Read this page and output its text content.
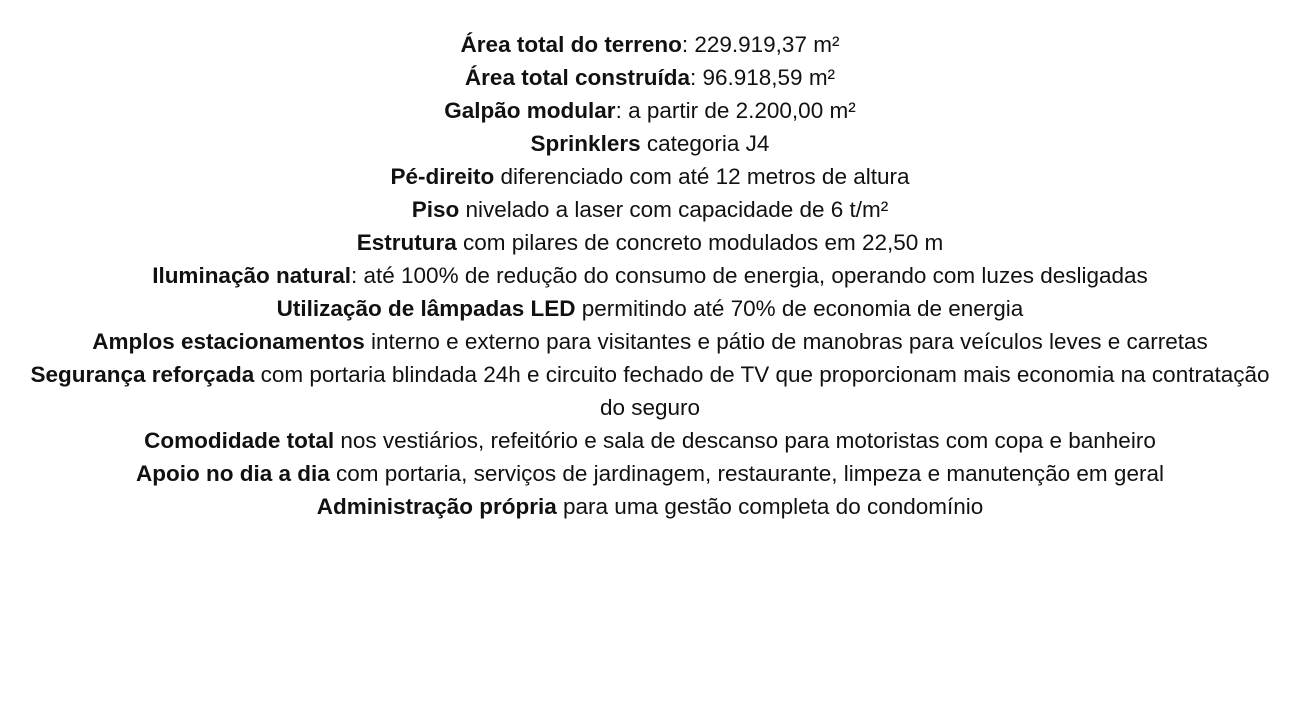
Área total do terreno: 229.919,37 m²
Área total construída: 96.918,59 m²
Galpão modular: a partir de 2.200,00 m²
Sprinklers categoria J4
Pé-direito diferenciado com até 12 metros de altura
Piso nivelado a laser com capacidade de 6 t/m²
Estrutura com pilares de concreto modulados em 22,50 m
Iluminação natural: até 100% de redução do consumo de energia, operando com luzes desligadas
Utilização de lâmpadas LED permitindo até 70% de economia de energia
Amplos estacionamentos interno e externo para visitantes e pátio de manobras para veículos leves e carretas
Segurança reforçada com portaria blindada 24h e circuito fechado de TV que proporcionam mais economia na contratação do seguro
Comodidade total nos vestiários, refeitório e sala de descanso para motoristas com copa e banheiro
Apoio no dia a dia com portaria, serviços de jardinagem, restaurante, limpeza e manutenção em geral
Administração própria para uma gestão completa do condomínio
